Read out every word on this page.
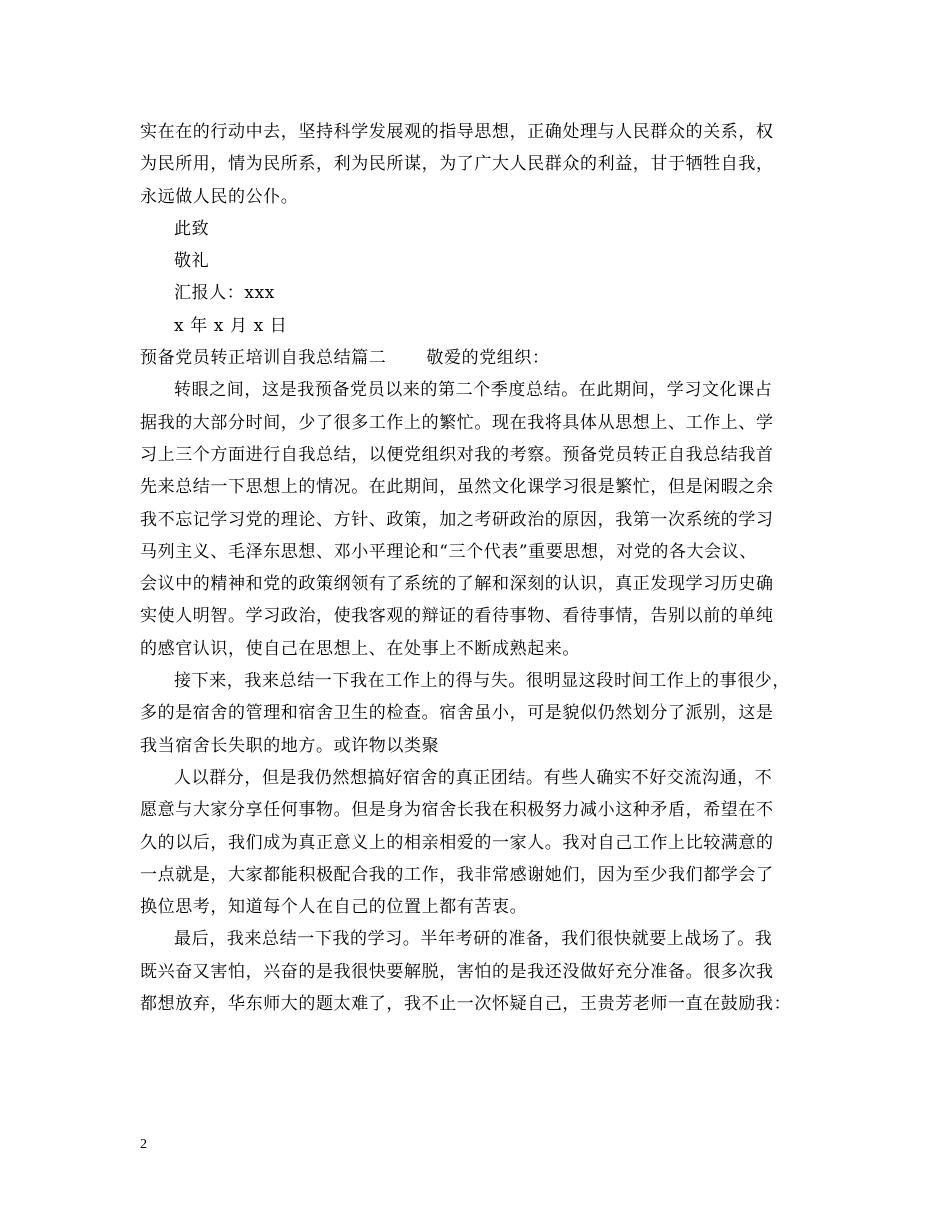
实在在的行动中去，坚持科学发展观的指导思想，正确处理与人民群众的关系，权
为民所用，情为民所系，利为民所谋，为了广大人民群众的利益，甘于牺牲自我，
永远做人民的公仆。
此致
敬礼
汇报人：xxx
x 年 x 月 x 日
预备党员转正培训自我总结篇二 敬爱的党组织：
转眼之间，这是我预备党员以来的第二个季度总结。在此期间，学习文化课占
据我的大部分时间，少了很多工作上的繁忙。现在我将具体从思想上、工作上、学
习上三个方面进行自我总结，以便党组织对我的考察。预备党员转正自我总结我首
先来总结一下思想上的情况。在此期间，虽然文化课学习很是繁忙，但是闲暇之余
我不忘记学习党的理论、方针、政策，加之考研政治的原因，我第一次系统的学习
马列主义、毛泽东思想、邓小平理论和“三个代表”重要思想，对党的各大会议、
会议中的精神和党的政策纲领有了系统的了解和深刻的认识，真正发现学习历史确
实使人明智。学习政治，使我客观的辩证的看待事物、看待事情，告别以前的单纯
的感官认识，使自己在思想上、在处事上不断成熟起来。
接下来，我来总结一下我在工作上的得与失。很明显这段时间工作上的事很少，
多的是宿舍的管理和宿舍卫生的检查。宿舍虽小，可是貌似仍然划分了派别，这是
我当宿舍长失职的地方。或许物以类聚
人以群分，但是我仍然想搞好宿舍的真正团结。有些人确实不好交流沟通，不
愿意与大家分享任何事物。但是身为宿舍长我在积极努力减小这种矛盾，希望在不
久的以后，我们成为真正意义上的相亲相爱的一家人。我对自己工作上比较满意的
一点就是，大家都能积极配合我的工作，我非常感谢她们，因为至少我们都学会了
换位思考，知道每个人在自己的位置上都有苦衷。
最后，我来总结一下我的学习。半年考研的准备，我们很快就要上战场了。我
既兴奋又害怕，兴奋的是我很快要解脱，害怕的是我还没做好充分准备。很多次我
都想放弃，华东师大的题太难了，我不止一次怀疑自己，王贵芳老师一直在鼓励我：
2
